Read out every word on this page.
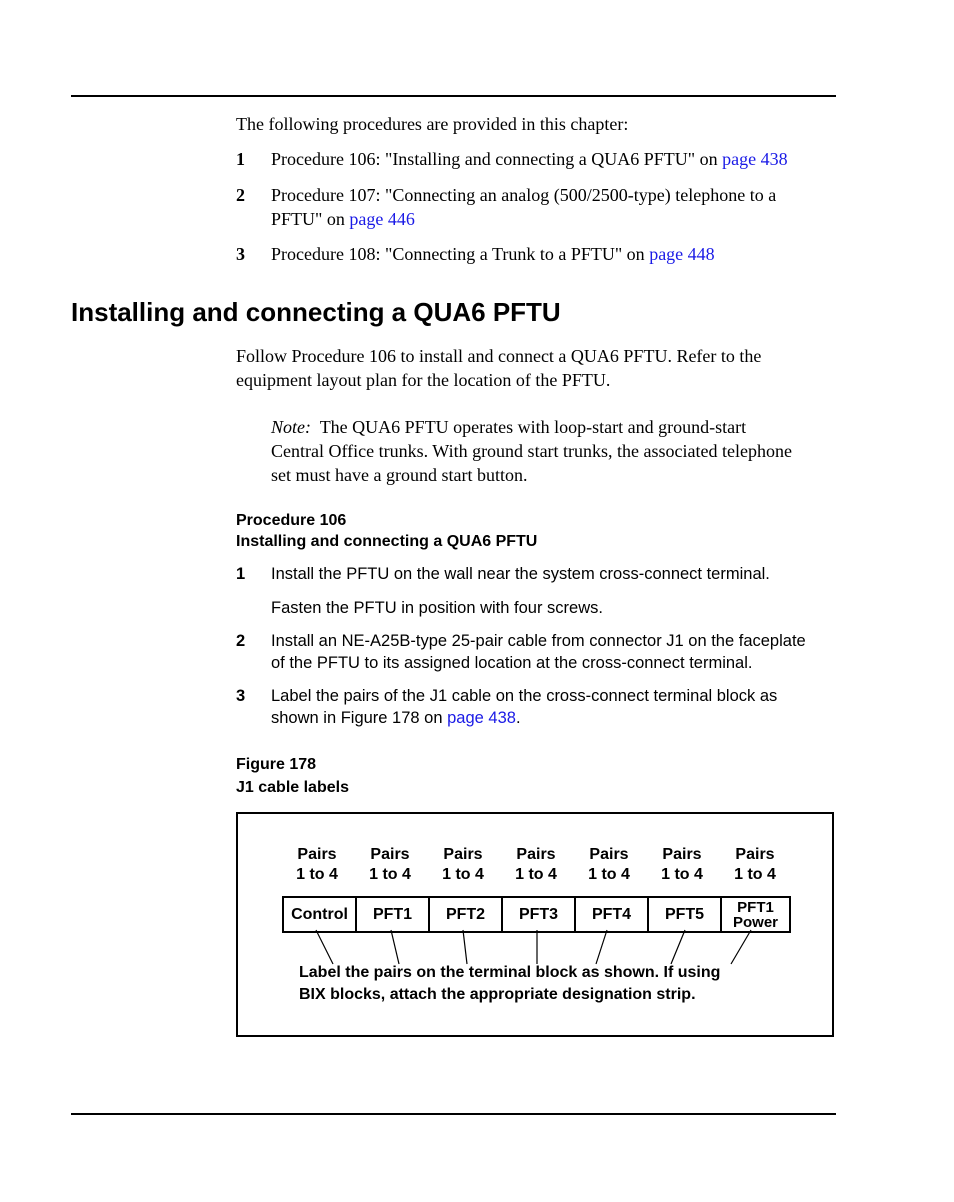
The following procedures are provided in this chapter:
1 Procedure 106: "Installing and connecting a QUA6 PFTU" on page 438
2 Procedure 107: "Connecting an analog (500/2500-type) telephone to a
PFTU" on page 446
3 Procedure 108: "Connecting a Trunk to a PFTU" on page 448
Installing and connecting a QUA6 PFTU
Follow Procedure 106 to install and connect a QUA6 PFTU. Refer to the
equipment layout plan for the location of the PFTU.
Note: The QUA6 PFTU operates with loop-start and ground-start
Central Office trunks. With ground start trunks, the associated telephone
set must have a ground start button.
Procedure 106
Installing and connecting a QUA6 PFTU
1 Install the PFTU on the wall near the system cross-connect terminal.
Fasten the PFTU in position with four screws.
2 Install an NE-A25B-type 25-pair cable from connector J1 on the faceplate
of the PFTU to its assigned location at the cross-connect terminal.
3 Label the pairs of the J1 cable on the cross-connect terminal block as
shown in Figure 178 on page 438.
Figure 178
J1 cable labels
Pairs
1 to 4
Pairs
1 to 4
Pairs
1 to 4
Pairs
1 to 4
Pairs
1 to 4
Pairs
1 to 4
Pairs
1 to 4
Control	PFT1	PFT2	PFT3	PFT4	PFT5	PFT1
Power
Label the pairs on the terminal block as shown. If using
BIX blocks, attach the appropriate designation strip.
